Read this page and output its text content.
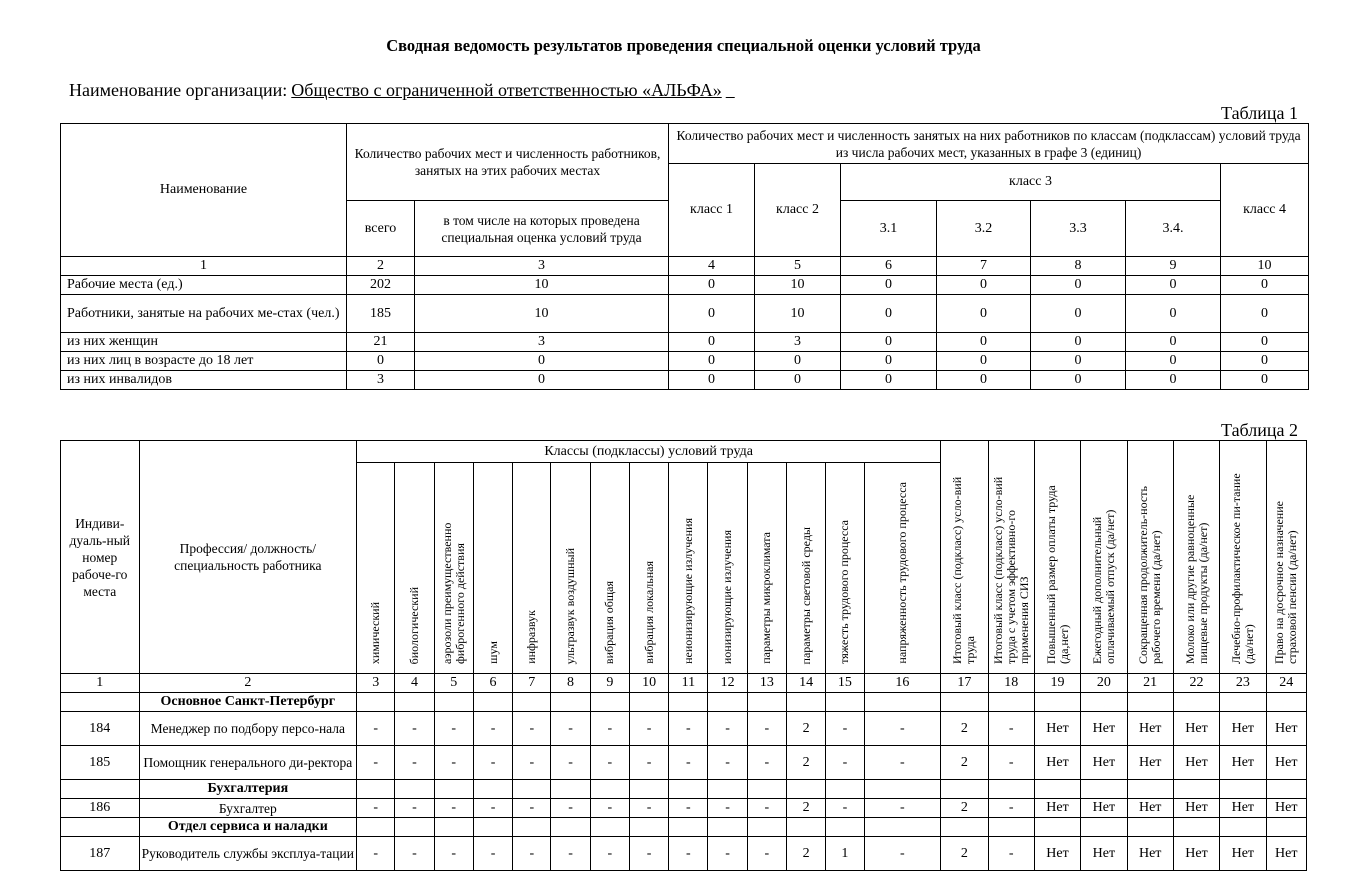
Сводная ведомость результатов проведения специальной оценки условий труда
Наименование организации: Общество с ограниченной ответственностью «АЛЬФА»
Таблица 1
Наименование	Количество рабочих мест и численность работников, занятых на этих рабочих местах		Количество рабочих мест и численность занятых на них работников по классам (подклассам) условий труда из числа рабочих мест, указанных в графе 3 (единиц)						
			класс 1	класс 2	класс 3				класс 4
	всего	в том числе на которых проведена специальная оценка условий труда			3.1	3.2	3.3	3.4.	
1	2	3	4	5	6	7	8	9	10
Рабочие места (ед.)	202	10	0	10	0	0	0	0	0
Работники, занятые на рабочих ме-стах (чел.)	185	10	0	10	0	0	0	0	0
из них женщин	21	3	0	3	0	0	0	0	0
из них лиц в возрасте до 18 лет	0	0	0	0	0	0	0	0	0
из них инвалидов	3	0	0	0	0	0	0	0	0
Таблица 2
Индиви-дуаль-ный номер рабоче-го места	Профессия/ должность/ специальность работника	Классы (подклассы) условий труда														Итоговый класс (подкласс) усло-вий труда	Итоговый класс (подкласс) усло-вий труда с учетом эффективно-го применения СИЗ	Повышенный размер оплаты труда (да,нет)	Ежегодный дополнительный оплачиваемый отпуск (да/нет)	Сокращенная продолжитель-ность рабочего времени (да/нет)	Молоко или другие равноценные пищевые продукты (да/нет)	Лечебно-профилактическое пи-тание (да/нет)	Право на досрочное назначение страховой пенсии (да/нет)
		химический	биологический	аэрозоли преимущественно фиброгенного действия	шум	инфразвук	ультразвук воздушный	вибрация общая	вибрация локальная	неионизирующие излучения	ионизирующие излучения	параметры микроклимата	параметры световой среды	тяжесть трудового процесса	напряженность трудового процесса								
1	2	3	4	5	6	7	8	9	10	11	12	13	14	15	16	17	18	19	20	21	22	23	24
	Основное Санкт-Петербург																						
184	Менеджер по подбору персо-нала	-	-	-	-	-	-	-	-	-	-	-	2	-	-	2	-	Нет	Нет	Нет	Нет	Нет	Нет
185	Помощник генерального ди-ректора	-	-	-	-	-	-	-	-	-	-	-	2	-	-	2	-	Нет	Нет	Нет	Нет	Нет	Нет
	Бухгалтерия																						
186	Бухгалтер	-	-	-	-	-	-	-	-	-	-	-	2	-	-	2	-	Нет	Нет	Нет	Нет	Нет	Нет
	Отдел сервиса и наладки																						
187	Руководитель службы эксплуа-тации	-	-	-	-	-	-	-	-	-	-	-	2	1	-	2	-	Нет	Нет	Нет	Нет	Нет	Нет
